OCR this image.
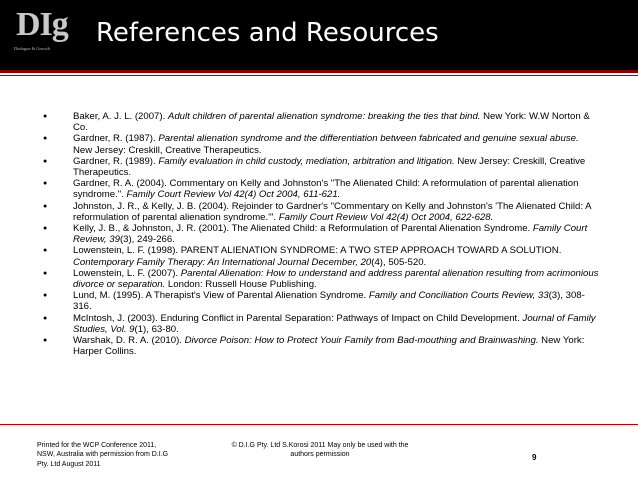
DIg
Dialogue & Growth
References and Resources
● Baker, A. J. L. (2007). Adult children of parental alienation syndrome: breaking the ties that bind. New York: W.W Norton & Co.
● Gardner, R. (1987). Parental alienation syndrome and the differentiation between fabricated and genuine sexual abuse. New Jersey: Creskill, Creative Therapeutics.
● Gardner, R. (1989). Family evaluation in child custody, mediation, arbitration and litigation. New Jersey: Creskill, Creative Therapeutics.
● Gardner, R. A. (2004). Commentary on Kelly and Johnston's "The Alienated Child: A reformulation of parental alienation syndrome.". Family Court Review Vol 42(4) Oct 2004, 611-621.
● Johnston, J. R., & Kelly, J. B. (2004). Rejoinder to Gardner's "Commentary on Kelly and Johnston's 'The Alienated Child: A reformulation of parental alienation syndrome.'". Family Court Review Vol 42(4) Oct 2004, 622-628.
● Kelly, J. B., & Johnston, J. R. (2001). The Alienated Child: a Reformulation of Parental Alienation Syndrome. Family Court Review, 39(3), 249-266.
● Lowenstein, L. F. (1998). PARENT ALIENATION SYNDROME: A TWO STEP APPROACH TOWARD A SOLUTION. Contemporary Family Therapy: An International Journal December, 20(4), 505-520.
● Lowenstein, L. F. (2007). Parental Alienation: How to understand and address parental alienation resulting from acrimonious divorce or separation. London: Russell House Publishing.
● Lund, M. (1995). A Therapist's View of Parental Alienation Syndrome. Family and Conciliation Courts Review, 33(3), 308-316.
● McIntosh, J. (2003). Enduring Conflict in Parental Separation: Pathways of Impact on Child Development. Journal of Family Studies, Vol. 9(1), 63-80.
● Warshak, D. R. A. (2010). Divorce Poison: How to Protect Youir Family from Bad-mouthing and Brainwashing. New York: Harper Collins.
Printed for the WCP Conference 2011,
NSW, Australia with permission from D.I.G
Pty. Ltd August 2011
© D.I.G Pty. Ltd S.Korosi 2011 May only be used with the
authors permission	9
